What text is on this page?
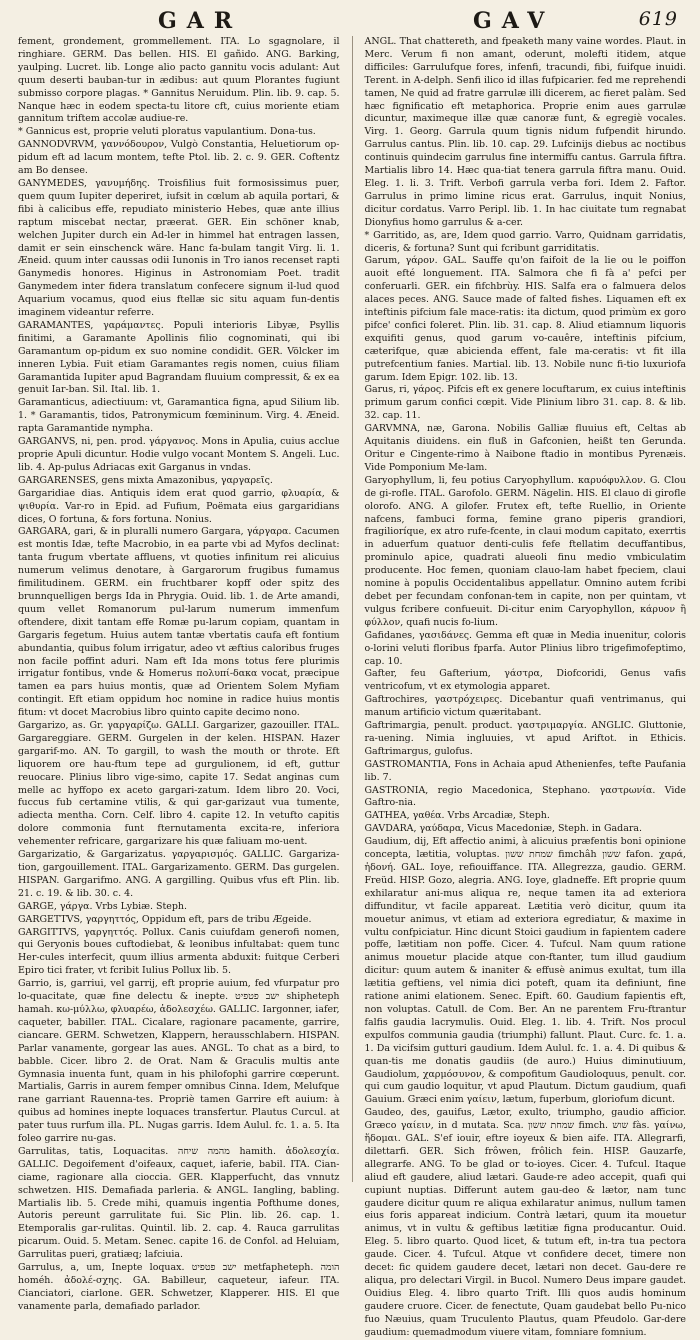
GAR	GAV	619

fement, grondement, grommellement. ITA. Lo sgagnolare, il ringhiare. GERM. Das bellen. HIS. El gañido. ANG. Barking, yaulping. Lucret. lib. Longe alio pacto gannitu vocis adulant: Aut quum deserti bauban-tur in ædibus: aut quum Plorantes fugiunt submisso corpore plagas. * Gannitus Neruidum. Plin. lib. 9. cap. 5. Nanque hæc in eodem specta-tu litore cft, cuius moriente etiam gannitum triftem accolæ audiue-re.

* Gannicus est, proprie veluti ploratus vapulantium. Dona-tus.

GANNODVRVM, γαννόδουρον, Vulgò Constantia, Heluetiorum op-pidum eft ad lacum montem, tefte Ptol. lib. 2. c. 9. GER. Coftentz am Bo densee.

GANYMEDES, γανυμήδης. Troisfilius fuit formosissimus puer, quem quum Iupiter deperiret, iufsit in cœlum ab aquila portari, & fibi à calicibus effe, repudiato ministerio Hebes, quæ ante illius raptum miscebat nectar, præerat. GER. Ein schöner knab, welchen Jupiter durch ein Ad-ler in himmel hat entragen lassen, damit er sein einschenck wäre. Hanc fa-bulam tangit Virg. li. 1. Æneid. quum inter caussas odii Iunonis in Tro ianos recenset rapti Ganymedis honores. Higinus in Astronomiam Poet. tradit Ganymedem inter fidera translatum confecere signum il-lud quod Aquarium vocamus, quod eius ftellæ sic situ aquam fun-dentis imaginem videantur referre.

GARAMANTES, γαράμαντες. Populi interioris Libyæ, Psyllis finitimi, a Garamante Apollinis filio cognominati, qui ibi Garamantum op-pidum ex suo nomine condidit. GER. Völcker im inneren Lybia. Fuit etiam Garamantes regis nomen, cuius filiam Garamantida Iupiter apud Bagrandam fluuium compressit, & ex ea genuit Iar-ban. Sil. Ital. lib. 1.

Garamanticus, adiectiuum: vt, Garamantica figna, apud Silium lib. 1. * Garamantis, tidos, Patronymicum fœmininum. Virg. 4. Æneid. rapta Garamantide nympha.

GARGANVS, ni, pen. prod. γάργανος. Mons in Apulia, cuius acclue proprie Apuli dicuntur. Hodie vulgo vocant Montem S. Angeli. Luc. lib. 4. Ap-pulus Adriacas exit Garganus in vndas.

GARGARENSES, gens mixta Amazonibus, γαργαρεῖς.

Gargaridiae dias. Antiquis idem erat quod garrio, φλυαρία, & ψιθυρία. Var-ro in Epid. ad Fufium, Poëmata eius gargaridians dices, O fortuna, & fors fortuna. Nonius.

GARGARA, gari, & in pluralli numero Gargara, γάργαρα. Cacumen est montis Idæ, tefte Macrobio, in ea parte vbi ad Myfos declinat: tanta frugum vbertate affluens, vt quoties infinitum rei alicuius numerum velimus denotare, à Gargarorum frugibus fumamus fimilitudinem. GERM. ein fruchtbarer kopff oder spitz des brunnquelligen bergs Ida in Phrygia. Ouid. lib. 1. de Arte amandi, quum vellet Romanorum pul-larum numerum immenfum oftendere, dixit tantam effe Romæ pu-larum copiam, quantam in Gargaris fegetum. Huius autem tantæ vbertatis caufa eft fontium abundantia, quibus folum irrigatur, adeo vt æftius caloribus fruges non facile poffint aduri. Nam eft Ida mons totus fere plurimis irrigatur fontibus, vnde & Homerus πολυπί-δακα vocat, præcipue tamen ea pars huius montis, quæ ad Orientem Solem Myfiam contingit. Eft etiam oppidum hoc nomine in radice huius montis fitum: vt docet Macrobius libro quinto capite decimo nono.

Gargarizo, as. Gr. γαργαρίζω. GALLI. Gargarizer, gazouiller. ITAL. Gargareggiare. GERM. Gurgelen in der kelen. HISPAN. Hazer gargarif-mo. AN. To gargill, to wash the mouth or throte. Eft liquorem ore hau-ftum tepe ad gurgulionem, id eft, guttur reuocare. Plinius libro vige-simo, capite 17. Sedat anginas cum melle ac hyffopo ex aceto gargari-zatum. Idem libro 20. Voci, fuccus fub certamine vtilis, & qui gar-garizaut vua tumente, adiecta mentha. Corn. Celf. libro 4. capite 12. In vetufto capitis dolore commonia funt fternutamenta excita-re, inferiora vehementer refricare, gargarizare his quæ faliuam mo-uent.

Gargarizatio, & Gargarizatus. γαργαρισμός. GALLIC. Gargariza-tion, gargouillement. ITAL. Gargarizamento. GERM. Das gurgelen. HISPAN. Gargarifmo. ANG. A gargilling. Quibus vfus eft Plin. lib. 21. c. 19. & lib. 30. c. 4.

GARGE, γάργα. Vrbs Lybiæ. Steph.

GARGETTVS, γαργηττός, Oppidum eft, pars de tribu Ægeide.

GARGITTVS, γαργηττός. Pollux. Canis cuiufdam generofi nomen, qui Geryonis boues cuftodiebat, & leonibus infultabat: quem tunc Her-cules interfecit, quum illius armenta abduxit: fuitque Cerberi Epiro tici frater, vt fcribit Iulius Pollux lib. 5.

Garrio, is, garriui, vel garrij, eft proprie auium, fed vfurpatur pro lo-quacitate, quæ fine delectu & inepte. ישב פטפיט shipheteph hamah. κω-μύλλω, φλυαρέω, ἀδολεσχέω. GALLIC. Iargonner, iafer, caqueter, babiller. ITAL. Cicalare, ragionare pacamente, garrire, ciancare. GERM. Schwetzen, Klappern, herausschlabern. HISPAN. Parlar vanamente, gorgear las aues. ANGL. To chat as a bird, to babble. Cicer. libro 2. de Orat. Nam & Graculis multis ante Gymnasia inuenta funt, quam in his philofophi garrire cœperunt. Martialis, Garris in aurem femper omnibus Cinna. Idem, Melufque rane garriant Rauenna-tes. Propriè tamen Garrire eft auium: à quibus ad homines inepte loquaces transfertur. Plautus Curcul. at pater tuus rurfum illa. PL. Nugas garris. Idem Aulul. fc. 1. a. 5. Ita foleo garrire nu-gas.

Garrulitas, tatis, Loquacitas. מהמה שיחה hamith. ἀδολεσχία. GALLIC. Degoifement d'oifeaux, caquet, iaferie, babil. ITA. Cian-ciame, ragionare alla cioccia. GER. Klapperfucht, das vnnutz schwetzen. HIS. Demafiada parleria. & ANGL. Iangling, babling. Martialis lib. 5. Crede mihi, quamuis ingentia Pofthume dones, Autoris pereunt garrulitate fui. Sic Plin. lib. 26. cap. 1. Etemporalis gar-rulitas. Quintil. lib. 2. cap. 4. Rauca garrulitas picarum. Ouid. 5. Metam. Senec. capite 16. de Confol. ad Heluiam, Garrulitas pueri, gratiæq; lafciuia.

Garrulus, a, um, Inepte loquax. ישב פטפיט metfapheteph. הומה homéh. ἀδολέ-σχης. GA. Babilleur, caqueteur, iafeur. ITA. Cianciatori, ciarlone. GER. Schwetzer, Klapperer. HIS. El que vanamente parla, demafiado parlador.

ANGL. That chattereth, and fpeaketh many vaine wordes. Plaut. in Merc. Verum fi non amant, oderunt, molefti itidem, atque difficiles: Garrulufque fores, infenfi, tracundi, fibi, fuifque inuidi. Terent. in A-delph. Senfi ilico id illas fufpicarier. fed me reprehendi tamen, Ne quid ad fratre garrulæ illi dicerem, ac fieret palàm. Sed hæc fignificatio eft metaphorica. Proprie enim aues garrulæ dicuntur, maximeque illæ quæ canoræ funt, & egregiè vocales. Virg. 1. Georg. Garrula quum tignis nidum fufpendit hirundo. Garrulus cantus. Plin. lib. 10. cap. 29. Lufcinijs diebus ac noctibus continuis quindecim garrulus fine intermiffu cantus. Garrula fiftra. Martialis libro 14. Hæc qua-tiat tenera garrula fiftra manu. Ouid. Eleg. 1. li. 3. Trift. Verbofi garrula verba fori. Idem 2. Faftor. Garrulus in primo limine ricus erat. Garrulus, inquit Nonius, dicitur cordatus. Varro Peripl. lib. 1. In hac ciuitate tum regnabat Dionyfius homo garrulus & a-cer.

* Garritido, as, are, Idem quod garrio. Varro, Quidnam garridatis, diceris, & fortuna? Sunt qui fcribunt garriditatis.

Garum, γάρον. GAL. Sauffe qu'on faifoit de la lie ou le poiffon auoit efté longuement. ITA. Salmora che fi fà a' pefci per conferuarli. GER. ein fifchbrùy. HIS. Salfa era o falmuera delos alaces peces. ANG. Sauce made of falted fishes. Liquamen eft ex inteftinis pifcium fale mace-ratis: ita dictum, quod primùm ex goro pifce' confici foleret. Plin. lib. 31. cap. 8. Aliud etiamnum liquoris exquifiti genus, quod garum vo-cauêre, inteftinis pifcium, cæterifque, quæ abicienda effent, fale ma-ceratis: vt fit illa putrefcentium fanies. Martial. lib. 13. Nobile nunc fi-tio luxuriofa garum. Idem Epigr. 102. lib. 13.

Garus, ri, γάρος. Pifcis eft ex genere locuftarum, ex cuius inteftinis primum garum confici cœpit. Vide Plinium libro 31. cap. 8. & lib. 32. cap. 11.

GARVMNA, næ, Garona. Nobilis Galliæ fluuius eft, Celtas ab Aquitanis diuidens. ein fluß in Gafconien, heißt ten Gerunda. Oritur e Cingente-rimo à Naibone ftadio in montibus Pyrenæis. Vide Pomponium Me-lam.

Garyophyllum, li, feu potius Caryophyllum. καρυόφυλλον. G. Clou de gi-rofle. ITAL. Garofolo. GERM. Nägelin. HIS. El clauo di girofle olorofo. ANG. A gilofer. Frutex eft, tefte Ruellio, in Oriente nafcens, fambuci forma, femine grano piperis grandiori, fragilioríque, ex atro rufe-fcente, in claui modum capitato, exerrtis in aduerfum quatuor denti-culis fefe ftellatim decuffantibus, prominulo apice, quadrati alueoli finu medio vmbiculatim producente. Hoc femen, quoniam clauo-lam habet fpeciem, claui nomine à populis Occidentalibus appellatur. Omnino autem fcribi debet per fecundam confonan-tem in capite, non per quintam, vt vulgus fcribere confueuit. Di-citur enim Caryophyllon, κάρυον ἢ φύλλον, quafi nucis fo-lium.

Gafidanes, γασιδάνες. Gemma eft quæ in Media inuenitur, coloris o-lorini veluti floribus fparfa. Autor Plinius libro trigefimofeptimo, cap. 10.

Gafter, feu Gafterium, γάστρα, Diofcoridi, Genus vafis ventricofum, vt ex etymologia apparet.

Gaftrochires, γαστρόχειρες. Dicebantur quafi ventrimanus, qui manum artificio victum quæritabant.

Gaftrimargia, penult. product. γαστριμαργία. ANGLIC. Gluttonie, ra-uening. Nimia ingluuies, vt apud Ariftot. in Ethicis. Gaftrimargus, gulofus.

GASTROMANTIA, Fons in Achaia apud Athenienfes, tefte Paufania lib. 7.

GASTRONIA, regio Macedonica, Stephano. γαστρωνία. Vide Gaftro-nia.

GATHEA, γαθέα. Vrbs Arcadiæ, Steph.

GAVDARA, γαύδαρα, Vicus Macedoniæ, Steph. in Gadara.

Gaudium, dij, Eft affectio animi, à alicuius præfentis boni opinione concepta, lætitia, voluptas. שמחת ששון fimchâh ששון fafon. χαρά, ἡδονή. GAL. Ioye, refiouiffance. ITA. Allegrezza, gaudio. GERM. Freüd. HISP. Gozo, alegria. ANG. Ioye, gladneffe. Eft proprie quum exhilaratur ani-mus aliqua re, neque tamen ita ad exteriora diffunditur, vt facile appareat. Lætitia verò dicitur, quum ita mouetur animus, vt etiam ad exteriora egrediatur, & maxime in vultu confpiciatur. Hinc dicunt Stoici gaudium in fapientem cadere poffe, lætitiam non poffe. Cicer. 4. Tufcul. Nam quum ratione animus mouetur placide atque con-ftanter, tum illud gaudium dicitur: quum autem & inaniter & effusè animus exultat, tum illa lætitia geftiens, vel nimia dici poteft, quam ita definiunt, fine ratione animi elationem. Senec. Epift. 60. Gaudium fapientis eft, non voluptas. Catull. de Com. Ber. An ne parentem Fru-ftrantur falfis gaudia lacrymulis. Ouid. Eleg. 1. lib. 4. Trift. Nos procul expulfos communia gaudia (triumphi) fallunt. Plaut. Curc. fc. 1. a. 1. Da vicifsim gutturi gaudium. Idem Aulul. fc. 1. a. 4. Di quibus & quan-tis me donatis gaudiis (de auro.) Huius diminutiuum, Gaudiolum, χαρμόσυνον, & compofitum Gaudioloquus, penult. cor. qui cum gaudio loquitur, vt apud Plautum. Dictum gaudium, quafi Gauium. Græci enim γαίειν, lætum, fuperbum, gloriofum dicunt.

Gaudeo, des, gauifus, Lætor, exulto, triumpho, gaudio afficior. Græco γαίειν, in d mutata. Sca. שמחת ששון fimch. שוש fàs. γαίνω, ἥδομαι. GAL. S'ef iouir, eftre ioyeux & bien aife. ITA. Allegrarfi, dilettarfi. GER. Sich frôwen, frôlich fein. HISP. Gauzarfe, allegrarfe. ANG. To be glad or to-ioyes. Cicer. 4. Tufcul. Itaque aliud eft gaudere, aliud lætari. Gaude-re adeo accepit, quafi qui cupiunt nuptias. Differunt autem gau-deo & lætor, nam tunc gaudere dicitur quum re aliqua exhilaratur animus, nullum tamen eius foris appareat indicium. Contrà lætari, quum ita mouetur animus, vt in vultu & geftibus lætitiæ figna producantur. Ouid. Eleg. 5. libro quarto. Quod licet, & tutum eft, in-tra tua pectora gaude. Cicer. 4. Tufcul. Atque vt confidere decet, timere non decet: fic quidem gaudere decet, lætari non decet. Gau-dere re aliqua, pro delectari Virgil. in Bucol. Numero Deus impare gaudet. Ouidius Eleg. 4. libro quarto Trift. Illi quos audis hominum gaudere cruore. Cicer. de fenectute, Quam gaudebat bello Pu-nico fuo Næuius, quam Truculento Plautus, quam Pfeudolo. Gar-dere gaudium: quemadmodum viuere vitam, fomniare fomnium.
